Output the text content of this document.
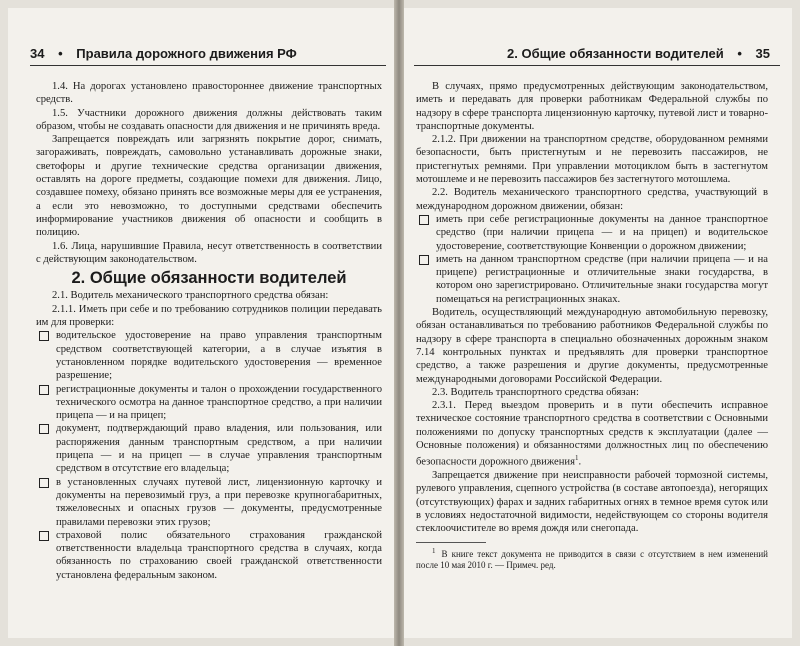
34 • Правила дорожного движения РФ

1.4. На дорогах установлено правостороннее движение транспортных средств.

1.5. Участники дорожного движения должны действовать таким образом, чтобы не создавать опасности для движения и не причинять вреда.

Запрещается повреждать или загрязнять покрытие дорог, снимать, загораживать, повреждать, самовольно устанавливать дорожные знаки, светофоры и другие технические средства организации движения, оставлять на дороге предметы, создающие помехи для движения. Лицо, создавшее помеху, обязано принять все возможные меры для ее устранения, а если это невозможно, то доступными средствами обеспечить информирование участников движения об опасности и сообщить в полицию.

1.6. Лица, нарушившие Правила, несут ответственность в соответствии с действующим законодательством.

2. Общие обязанности водителей

2.1. Водитель механического транспортного средства обязан:

2.1.1. Иметь при себе и по требованию сотрудников полиции передавать им для проверки:

водительское удостоверение на право управления транспортным средством соответствующей категории, а в случае изъятия в установленном порядке водительского удостоверения — временное разрешение;
регистрационные документы и талон о прохождении государственного технического осмотра на данное транспортное средство, а при наличии прицепа — и на прицеп;
документ, подтверждающий право владения, или пользования, или распоряжения данным транспортным средством, а при наличии прицепа — и на прицеп — в случае управления транспортным средством в отсутствие его владельца;
в установленных случаях путевой лист, лицензионную карточку и документы на перевозимый груз, а при перевозке крупногабаритных, тяжеловесных и опасных грузов — документы, предусмотренные правилами перевозки этих грузов;
страховой полис обязательного страхования гражданской ответственности владельца транспортного средства в случаях, когда обязанность по страхованию своей гражданской ответственности установлена федеральным законом.
2. Общие обязанности водителей • 35

В случаях, прямо предусмотренных действующим законодательством, иметь и передавать для проверки работникам Федеральной службы по надзору в сфере транспорта лицензионную карточку, путевой лист и товарно-транспортные документы.

2.1.2. При движении на транспортном средстве, оборудованном ремнями безопасности, быть пристегнутым и не перевозить пассажиров, не пристегнутых ремнями. При управлении мотоциклом быть в застегнутом мотошлеме и не перевозить пассажиров без застегнутого мотошлема.

2.2. Водитель механического транспортного средства, участвующий в международном дорожном движении, обязан:

иметь при себе регистрационные документы на данное транспортное средство (при наличии прицепа — и на прицеп) и водительское удостоверение, соответствующие Конвенции о дорожном движении;
иметь на данном транспортном средстве (при наличии прицепа — и на прицепе) регистрационные и отличительные знаки государства, в котором оно зарегистрировано. Отличительные знаки государства могут помещаться на регистрационных знаках.

Водитель, осуществляющий международную автомобильную перевозку, обязан останавливаться по требованию работников Федеральной службы по надзору в сфере транспорта в специально обозначенных дорожным знаком 7.14 контрольных пунктах и предъявлять для проверки транспортное средство, а также разрешения и другие документы, предусмотренные международными договорами Российской Федерации.

2.3. Водитель транспортного средства обязан:

2.3.1. Перед выездом проверить и в пути обеспечить исправное техническое состояние транспортного средства в соответствии с Основными положениями по допуску транспортных средств к эксплуатации (далее — Основные положения) и обязанностями должностных лиц по обеспечению безопасности дорожного движения$^1$.

Запрещается движение при неисправности рабочей тормозной системы, рулевого управления, сцепного устройства (в составе автопоезда), негорящих (отсутствующих) фарах и задних габаритных огнях в темное время суток или в условиях недостаточной видимости, недействующем со стороны водителя стеклоочистителе во время дождя или снегопада.

$^1$ В книге текст документа не приводится в связи с отсутствием в нем изменений после 10 мая 2010 г. — Примеч. ред.
